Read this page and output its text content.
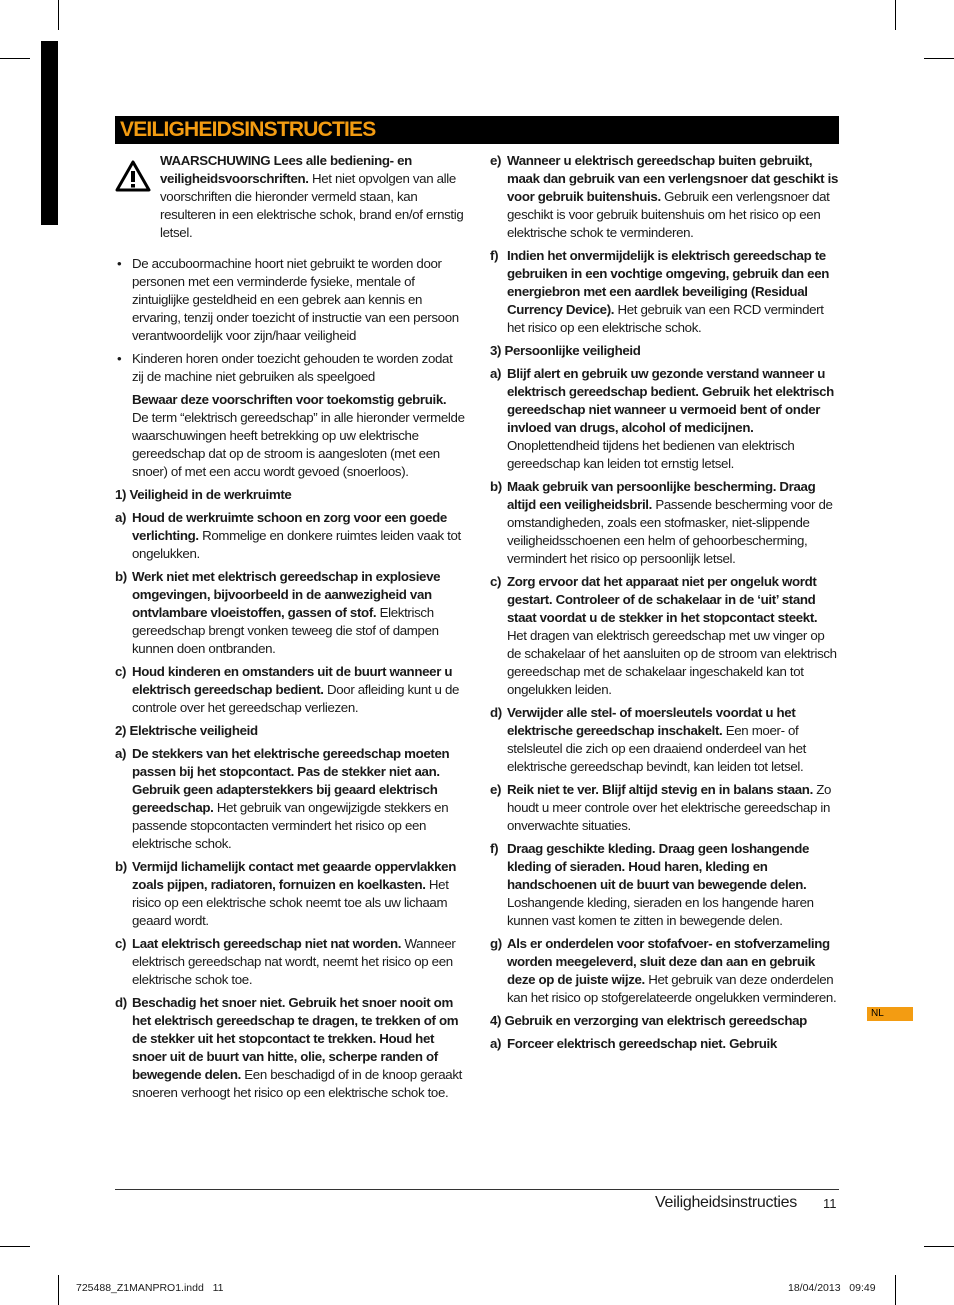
VEILIGHEIDSINSTRUCTIES

WAARSCHUWING Lees alle bediening- en veiligheidsvoorschriften. Het niet opvolgen van alle voorschriften die hieronder vermeld staan, kan resulteren in een elektrische schok, brand en/of ernstig letsel.

• De accuboormachine hoort niet gebruikt te worden door personen met een verminderde fysieke, mentale of zintuiglijke gesteldheid en een gebrek aan kennis en ervaring, tenzij onder toezicht of instructie van een persoon verantwoordelijk voor zijn/haar veiligheid
• Kinderen horen onder toezicht gehouden te worden zodat zij de machine niet gebruiken als speelgoed

Bewaar deze voorschriften voor toekomstig gebruik. De term “elektrisch gereedschap” in alle hieronder vermelde waarschuwingen heeft betrekking op uw elektrische gereedschap dat op de stroom is aangesloten (met een snoer) of met een accu wordt gevoed (snoerloos).

1) Veiligheid in de werkruimte
a) Houd de werkruimte schoon en zorg voor een goede verlichting. Rommelige en donkere ruimtes leiden vaak tot ongelukken.
b) Werk niet met elektrisch gereedschap in explosieve omgevingen, bijvoorbeeld in de aanwezigheid van ontvlambare vloeistoffen, gassen of stof. Elektrisch gereedschap brengt vonken teweeg die stof of dampen kunnen doen ontbranden.
c) Houd kinderen en omstanders uit de buurt wanneer u elektrisch gereedschap bedient. Door afleiding kunt u de controle over het gereedschap verliezen.
2) Elektrische veiligheid
a) De stekkers van het elektrische gereedschap moeten passen bij het stopcontact. Pas de stekker niet aan. Gebruik geen adapterstekkers bij geaard elektrisch gereedschap. Het gebruik van ongewijzigde stekkers en passende stopcontacten vermindert het risico op een elektrische schok.
b) Vermijd lichamelijk contact met geaarde oppervlakken zoals pijpen, radiatoren, fornuizen en koelkasten. Het risico op een elektrische schok neemt toe als uw lichaam geaard wordt.
c) Laat elektrisch gereedschap niet nat worden. Wanneer elektrisch gereedschap nat wordt, neemt het risico op een elektrische schok toe.
d) Beschadig het snoer niet. Gebruik het snoer nooit om het elektrisch gereedschap te dragen, te trekken of om de stekker uit het stopcontact te trekken. Houd het snoer uit de buurt van hitte, olie, scherpe randen of bewegende delen. Een beschadigd of in de knoop geraakt snoeren verhoogt het risico op een elektrische schok toe.
e) Wanneer u elektrisch gereedschap buiten gebruikt, maak dan gebruik van een verlengsnoer dat geschikt is voor gebruik buitenshuis. Gebruik een verlengsnoer dat geschikt is voor gebruik buitenshuis om het risico op een elektrische schok te verminderen.
f) Indien het onvermijdelijk is elektrisch gereedschap te gebruiken in een vochtige omgeving, gebruik dan een energiebron met een aardlek beveiliging (Residual Currency Device). Het gebruik van een RCD vermindert het risico op een elektrische schok.
3) Persoonlijke veiligheid
a) Blijf alert en gebruik uw gezonde verstand wanneer u elektrisch gereedschap bedient. Gebruik het elektrisch gereedschap niet wanneer u vermoeid bent of onder invloed van drugs, alcohol of medicijnen. Onoplettendheid tijdens het bedienen van elektrisch gereedschap kan leiden tot ernstig letsel.
b) Maak gebruik van persoonlijke bescherming. Draag altijd een veiligheidsbril. Passende bescherming voor de omstandigheden, zoals een stofmasker, niet-slippende veiligheidsschoenen een helm of gehoorbescherming, vermindert het risico op persoonlijk letsel.
c) Zorg ervoor dat het apparaat niet per ongeluk wordt gestart. Controleer of de schakelaar in de ‘uit’ stand staat voordat u de stekker in het stopcontact steekt. Het dragen van elektrisch gereedschap met uw vinger op de schakelaar of het aansluiten op de stroom van elektrisch gereedschap met de schakelaar ingeschakeld kan tot ongelukken leiden.
d) Verwijder alle stel- of moersleutels voordat u het elektrische gereedschap inschakelt. Een moer- of stelsleutel die zich op een draaiend onderdeel van het elektrische gereedschap bevindt, kan leiden tot letsel.
e) Reik niet te ver. Blijf altijd stevig en in balans staan. Zo houdt u meer controle over het elektrische gereedschap in onverwachte situaties.
f) Draag geschikte kleding. Draag geen loshangende kleding of sieraden. Houd haren, kleding en handschoenen uit de buurt van bewegende delen. Loshangende kleding, sieraden en los hangende haren kunnen vast komen te zitten in bewegende delen.
g) Als er onderdelen voor stofafvoer- en stofverzameling worden meegeleverd, sluit deze dan aan en gebruik deze op de juiste wijze. Het gebruik van deze onderdelen kan het risico op stofgerelateerde ongelukken verminderen.
4) Gebruik en verzorging van elektrisch gereedschap
a) Forceer elektrisch gereedschap niet. Gebruik
NL
Veiligheidsinstructies 11
725488_Z1MANPRO1.indd   11	18/04/2013   09:49
